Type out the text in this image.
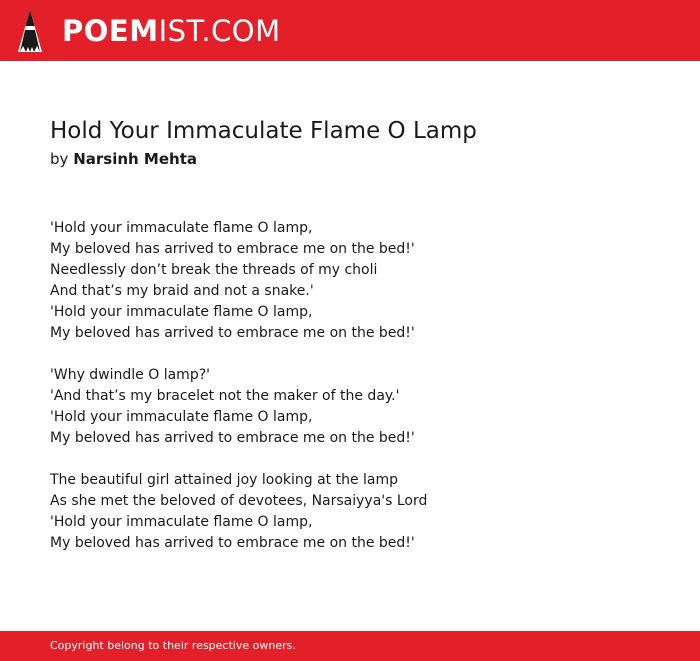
POEMIST.COM
Hold Your Immaculate Flame O Lamp
by Narsinh Mehta
'Hold your immaculate flame O lamp,
My beloved has arrived to embrace me on the bed!'
Needlessly don’t break the threads of my choli
And that’s my braid and not a snake.'
'Hold your immaculate flame O lamp,
My beloved has arrived to embrace me on the bed!'
'Why dwindle O lamp?'
'And that’s my bracelet not the maker of the day.'
'Hold your immaculate flame O lamp,
My beloved has arrived to embrace me on the bed!'
The beautiful girl attained joy looking at the lamp
As she met the beloved of devotees, Narsaiyya's Lord
'Hold your immaculate flame O lamp,
My beloved has arrived to embrace me on the bed!'
Copyright belong to their respective owners.
